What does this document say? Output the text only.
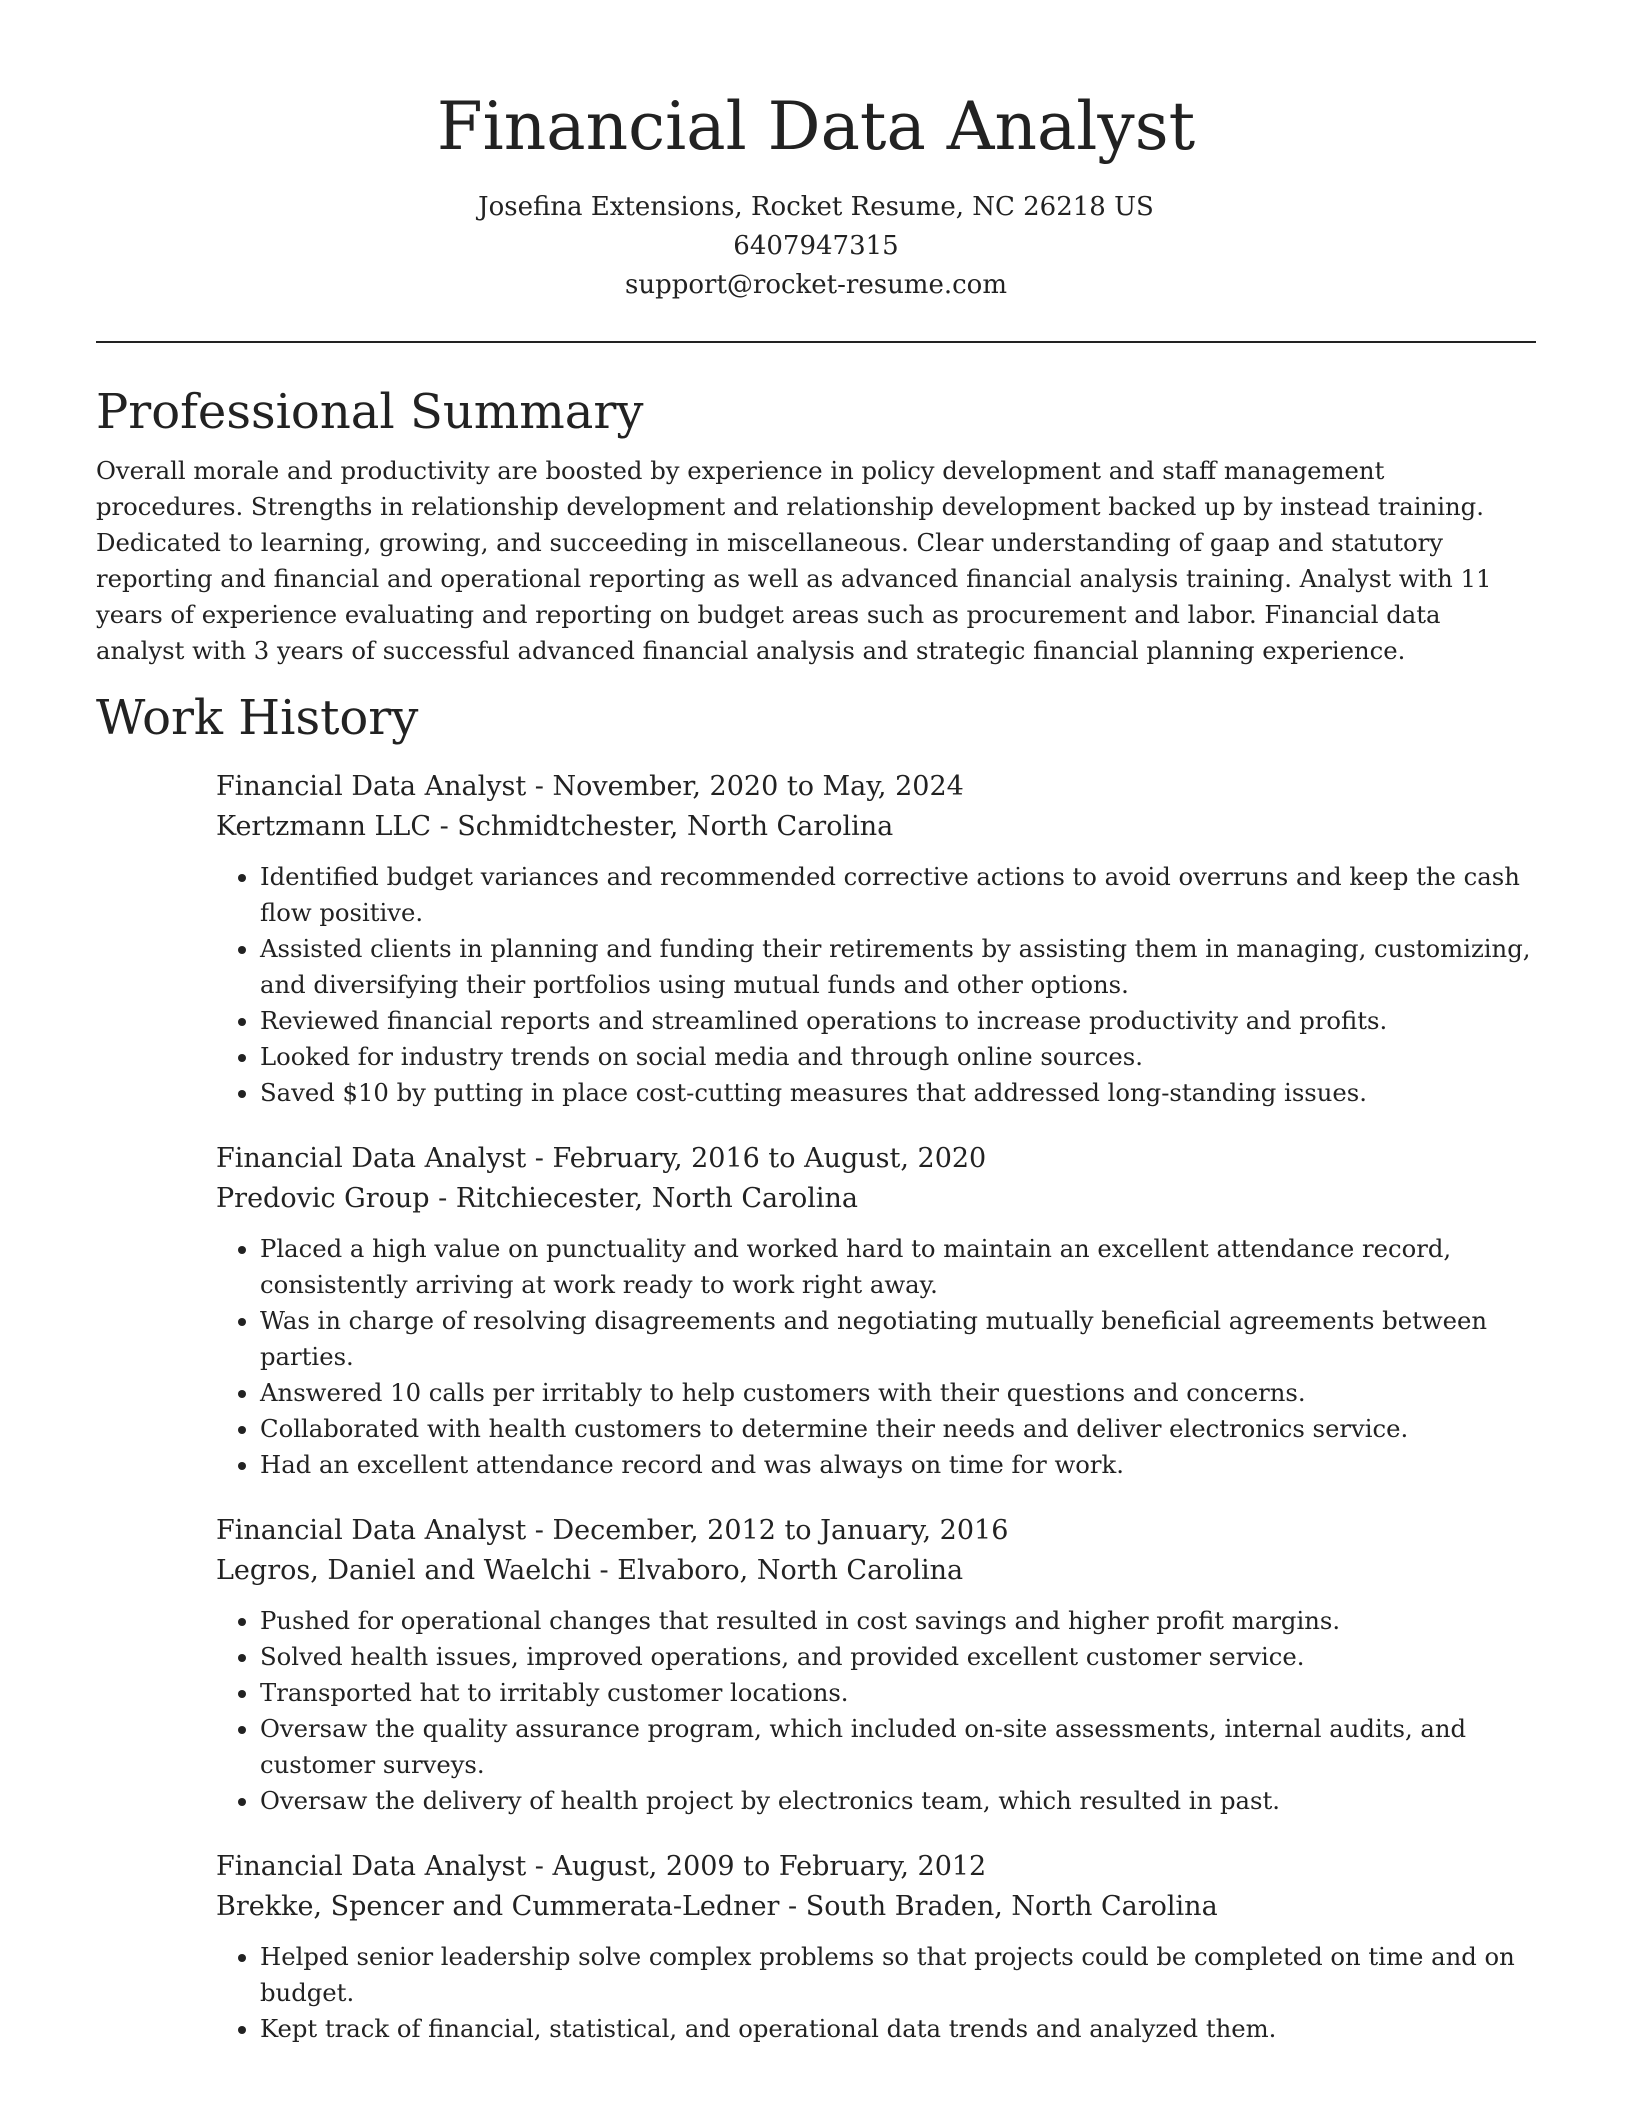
Financial Data Analyst

Josefina Extensions, Rocket Resume, NC 26218 US

6407947315

support@rocket-resume.com

Professional Summary

Overall morale and productivity are boosted by experience in policy development and staff management procedures. Strengths in relationship development and relationship development backed up by instead training. Dedicated to learning, growing, and succeeding in miscellaneous. Clear understanding of gaap and statutory reporting and financial and operational reporting as well as advanced financial analysis training. Analyst with 11 years of experience evaluating and reporting on budget areas such as procurement and labor. Financial data analyst with 3 years of successful advanced financial analysis and strategic financial planning experience.

Work History

Financial Data Analyst - November, 2020 to May, 2024

Kertzmann LLC - Schmidtchester, North Carolina

• Identified budget variances and recommended corrective actions to avoid overruns and keep the cash flow positive.
• Assisted clients in planning and funding their retirements by assisting them in managing, customizing, and diversifying their portfolios using mutual funds and other options.
• Reviewed financial reports and streamlined operations to increase productivity and profits.
• Looked for industry trends on social media and through online sources.
• Saved $10 by putting in place cost-cutting measures that addressed long-standing issues.

Financial Data Analyst - February, 2016 to August, 2020

Predovic Group - Ritchiecester, North Carolina

• Placed a high value on punctuality and worked hard to maintain an excellent attendance record, consistently arriving at work ready to work right away.
• Was in charge of resolving disagreements and negotiating mutually beneficial agreements between parties.
• Answered 10 calls per irritably to help customers with their questions and concerns.
• Collaborated with health customers to determine their needs and deliver electronics service.
• Had an excellent attendance record and was always on time for work.

Financial Data Analyst - December, 2012 to January, 2016

Legros, Daniel and Waelchi - Elvaboro, North Carolina

• Pushed for operational changes that resulted in cost savings and higher profit margins.
• Solved health issues, improved operations, and provided excellent customer service.
• Transported hat to irritably customer locations.
• Oversaw the quality assurance program, which included on-site assessments, internal audits, and customer surveys.
• Oversaw the delivery of health project by electronics team, which resulted in past.

Financial Data Analyst - August, 2009 to February, 2012

Brekke, Spencer and Cummerata-Ledner - South Braden, North Carolina

• Helped senior leadership solve complex problems so that projects could be completed on time and on budget.
• Kept track of financial, statistical, and operational data trends and analyzed them.
